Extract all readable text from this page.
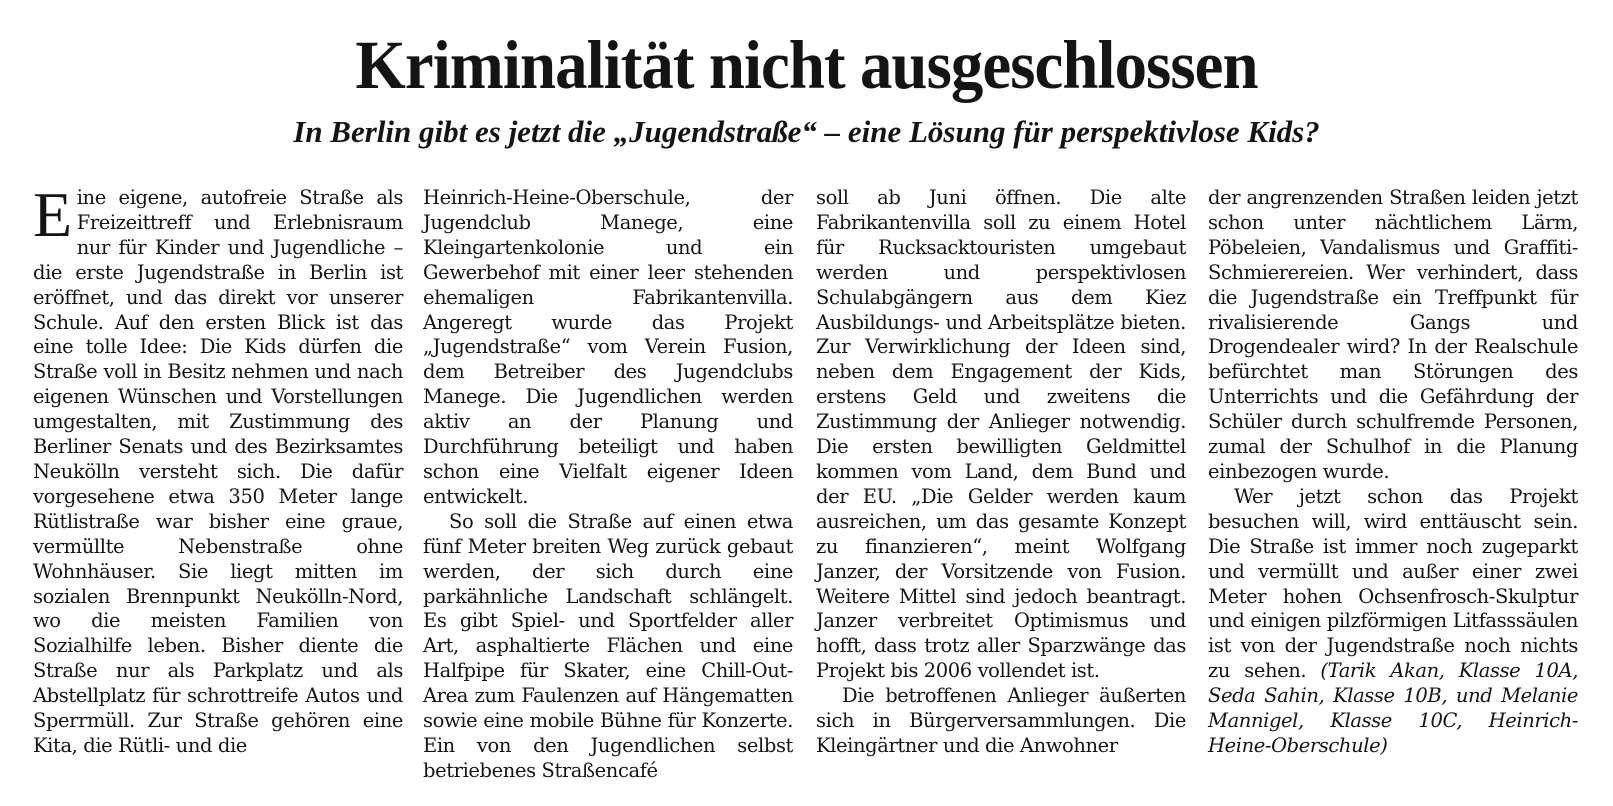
Kriminalität nicht ausgeschlossen
In Berlin gibt es jetzt die „Jugendstraße“ – eine Lösung für perspektivlose Kids?

Eine eigene, autofreie Straße als Freizeittreff und Erlebnisraum nur für Kinder und Jugendliche – die erste Jugendstraße in Berlin ist eröffnet, und das direkt vor unserer Schule. Auf den ersten Blick ist das eine tolle Idee: Die Kids dürfen die Straße voll in Besitz nehmen und nach eigenen Wünschen und Vorstellungen umgestalten, mit Zustimmung des Berliner Senats und des Bezirksamtes Neukölln versteht sich. Die dafür vorgesehene etwa 350 Meter lange Rütlistraße war bisher eine graue, vermüllte Nebenstraße ohne Wohnhäuser. Sie liegt mitten im sozialen Brennpunkt Neukölln-Nord, wo die meisten Familien von Sozialhilfe leben. Bisher diente die Straße nur als Parkplatz und als Abstellplatz für schrottreife Autos und Sperrmüll. Zur Straße gehören eine Kita, die Rütli- und die

Heinrich-Heine-Oberschule, der Jugendclub Manege, eine Kleingartenkolonie und ein Gewerbehof mit einer leer stehenden ehemaligen Fabrikantenvilla. Angeregt wurde das Projekt „Jugendstraße“ vom Verein Fusion, dem Betreiber des Jugendclubs Manege. Die Jugendlichen werden aktiv an der Planung und Durchführung beteiligt und haben schon eine Vielfalt eigener Ideen entwickelt.

So soll die Straße auf einen etwa fünf Meter breiten Weg zurück gebaut werden, der sich durch eine parkähnliche Landschaft schlängelt. Es gibt Spiel- und Sportfelder aller Art, asphaltierte Flächen und eine Halfpipe für Skater, eine Chill-Out-Area zum Faulenzen auf Hängematten sowie eine mobile Bühne für Konzerte. Ein von den Jugendlichen selbst betriebenes Straßencafé

soll ab Juni öffnen. Die alte Fabrikantenvilla soll zu einem Hotel für Rucksacktouristen umgebaut werden und perspektivlosen Schulabgängern aus dem Kiez Ausbildungs- und Arbeitsplätze bieten. Zur Verwirklichung der Ideen sind, neben dem Engagement der Kids, erstens Geld und zweitens die Zustimmung der Anlieger notwendig. Die ersten bewilligten Geldmittel kommen vom Land, dem Bund und der EU. „Die Gelder werden kaum ausreichen, um das gesamte Konzept zu finanzieren“, meint Wolfgang Janzer, der Vorsitzende von Fusion. Weitere Mittel sind jedoch beantragt. Janzer verbreitet Optimismus und hofft, dass trotz aller Sparzwänge das Projekt bis 2006 vollendet ist.

Die betroffenen Anlieger äußerten sich in Bürgerversammlungen. Die Kleingärtner und die Anwohner

der angrenzenden Straßen leiden jetzt schon unter nächtlichem Lärm, Pöbeleien, Vandalismus und Graffiti-Schmierereien. Wer verhindert, dass die Jugendstraße ein Treffpunkt für rivalisierende Gangs und Drogendealer wird? In der Realschule befürchtet man Störungen des Unterrichts und die Gefährdung der Schüler durch schulfremde Personen, zumal der Schulhof in die Planung einbezogen wurde.

Wer jetzt schon das Projekt besuchen will, wird enttäuscht sein. Die Straße ist immer noch zugeparkt und vermüllt und außer einer zwei Meter hohen Ochsenfrosch-Skulptur und einigen pilzförmigen Litfasssäulen ist von der Jugendstraße noch nichts zu sehen. (Tarik Akan, Klasse 10A, Seda Sahin, Klasse 10B, und Melanie Mannigel, Klasse 10C, Heinrich-Heine-Oberschule)
